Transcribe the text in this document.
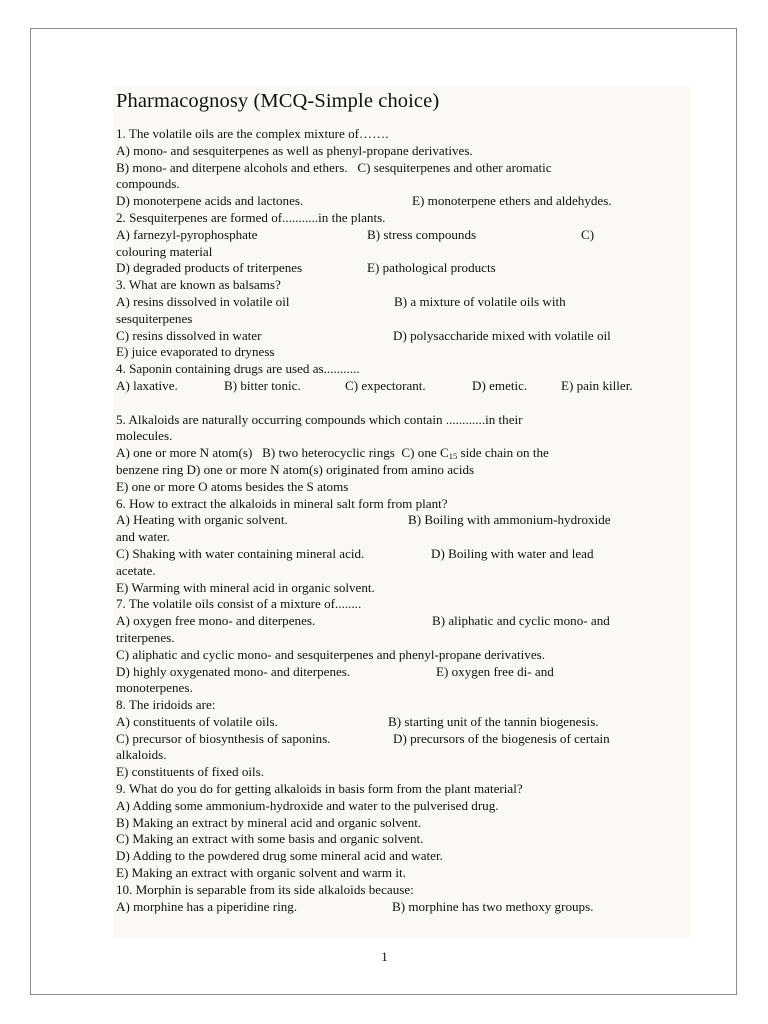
Pharmacognosy (MCQ-Simple choice)
1. The volatile oils are the complex mixture of…….
A) mono- and sesquiterpenes as well as phenyl-propane derivatives.
B) mono- and diterpene alcohols and ethers.   C) sesquiterpenes and other aromatic
compounds.
D) monoterpene acids and lactones.	E) monoterpene ethers and aldehydes.
2. Sesquiterpenes are formed of...........in the plants.
A) farnezyl-pyrophosphate	B) stress compounds	C)
colouring material
D) degraded products of triterpenes	E) pathological products
3. What are known as balsams?
A) resins dissolved in volatile oil	B) a mixture of volatile oils with
sesquiterpenes
C) resins dissolved in water	D) polysaccharide mixed with volatile oil
E) juice evaporated to dryness
4. Saponin containing drugs are used as...........
A) laxative.	B) bitter tonic.	C) expectorant.	D) emetic.	E) pain killer.
5. Alkaloids are naturally occurring compounds which contain ............in their
molecules.
A) one or more N atom(s)   B) two heterocyclic rings  C) one $C_{15}$ side chain on the
benzene ring D) one or more N atom(s) originated from amino acids
E) one or more O atoms besides the S atoms
6. How to extract the alkaloids in mineral salt form from plant?
A) Heating with organic solvent.	B) Boiling with ammonium-hydroxide
and water.
C) Shaking with water containing mineral acid.	D) Boiling with water and lead
acetate.
E) Warming with mineral acid in organic solvent.
7. The volatile oils consist of a mixture of........
A) oxygen free mono- and diterpenes.	B) aliphatic and cyclic mono- and
triterpenes.
C) aliphatic and cyclic mono- and sesquiterpenes and phenyl-propane derivatives.
D) highly oxygenated mono- and diterpenes.	E) oxygen free di- and
monoterpenes.
8. The iridoids are:
A) constituents of volatile oils.	B) starting unit of the tannin biogenesis.
C) precursor of biosynthesis of saponins.	D) precursors of the biogenesis of certain
alkaloids.
E) constituents of fixed oils.
9. What do you do for getting alkaloids in basis form from the plant material?
A) Adding some ammonium-hydroxide and water to the pulverised drug.
B) Making an extract by mineral acid and organic solvent.
C) Making an extract with some basis and organic solvent.
D) Adding to the powdered drug some mineral acid and water.
E) Making an extract with organic solvent and warm it.
10. Morphin is separable from its side alkaloids because:
A) morphine has a piperidine ring.	B) morphine has two methoxy groups.
1
